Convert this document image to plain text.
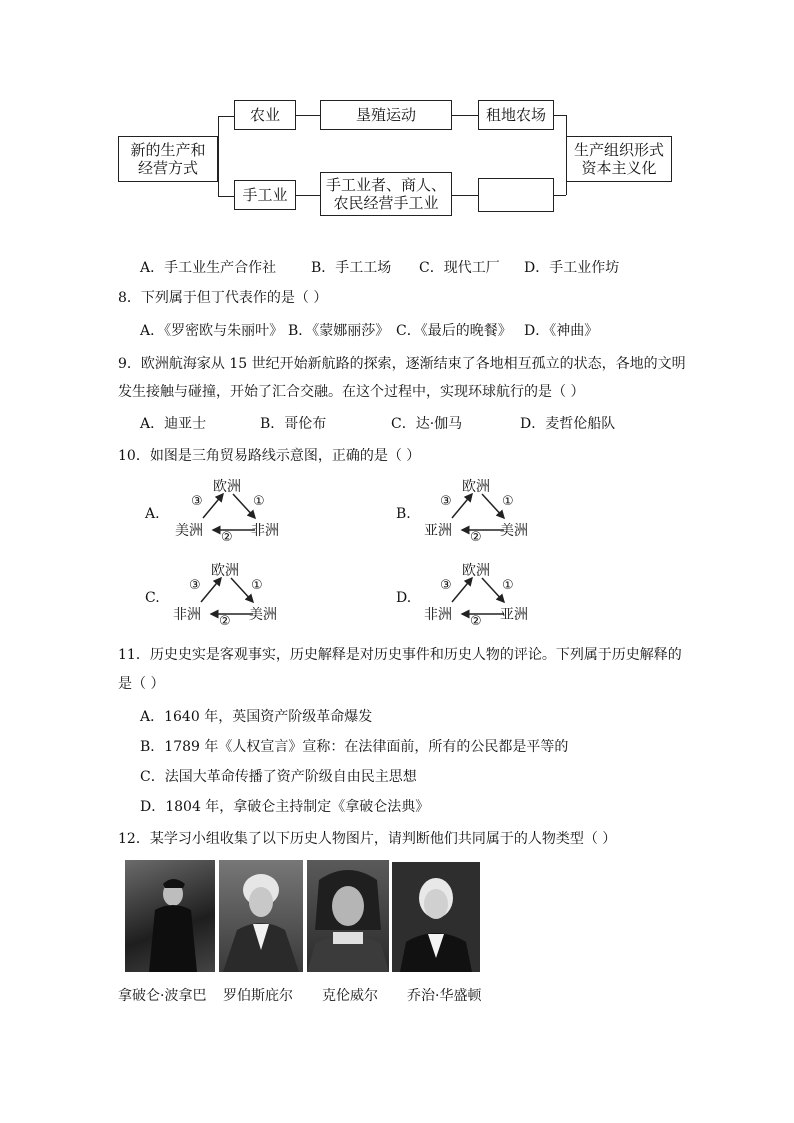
新的生产和经营方式
农业	垦殖运动	租地农场
手工业
手工业者、商人、农民经营手工业
生产组织形式资本主义化
A．手工业生产合作社 B．手工工场 C．现代工厂 D．手工业作坊
8．下列属于但丁代表作的是（ ）
A．《罗密欧与朱丽叶》 B．《蒙娜丽莎》 C．《最后的晚餐》 D．《神曲》
9．欧洲航海家从 15 世纪开始新航路的探索，逐渐结束了各地相互孤立的状态，各地的文明
发生接触与碰撞，开始了汇合交融。在这个过程中，实现环球航行的是（ ）
A．迪亚士	B．哥伦布	C．达·伽马	D．麦哲伦船队
10．如图是三角贸易路线示意图，正确的是（ ）
A.
欧洲
美洲	非洲
①
②
③
B.
欧洲
亚洲	美洲
①
②
③
C.
欧洲
非洲	美洲
①
②
③
D.
欧洲
非洲	亚洲
①
②
③
11．历史史实是客观事实，历史解释是对历史事件和历史人物的评论。下列属于历史解释的
是（ ）
A．1640 年，英国资产阶级革命爆发
B．1789 年《人权宣言》宣称：在法律面前，所有的公民都是平等的
C．法国大革命传播了资产阶级自由民主思想
D．1804 年，拿破仑主持制定《拿破仑法典》
12．某学习小组收集了以下历史人物图片，请判断他们共同属于的人物类型（ ）
拿破仑·波拿巴 罗伯斯庇尔 克伦威尔 乔治·华盛顿
